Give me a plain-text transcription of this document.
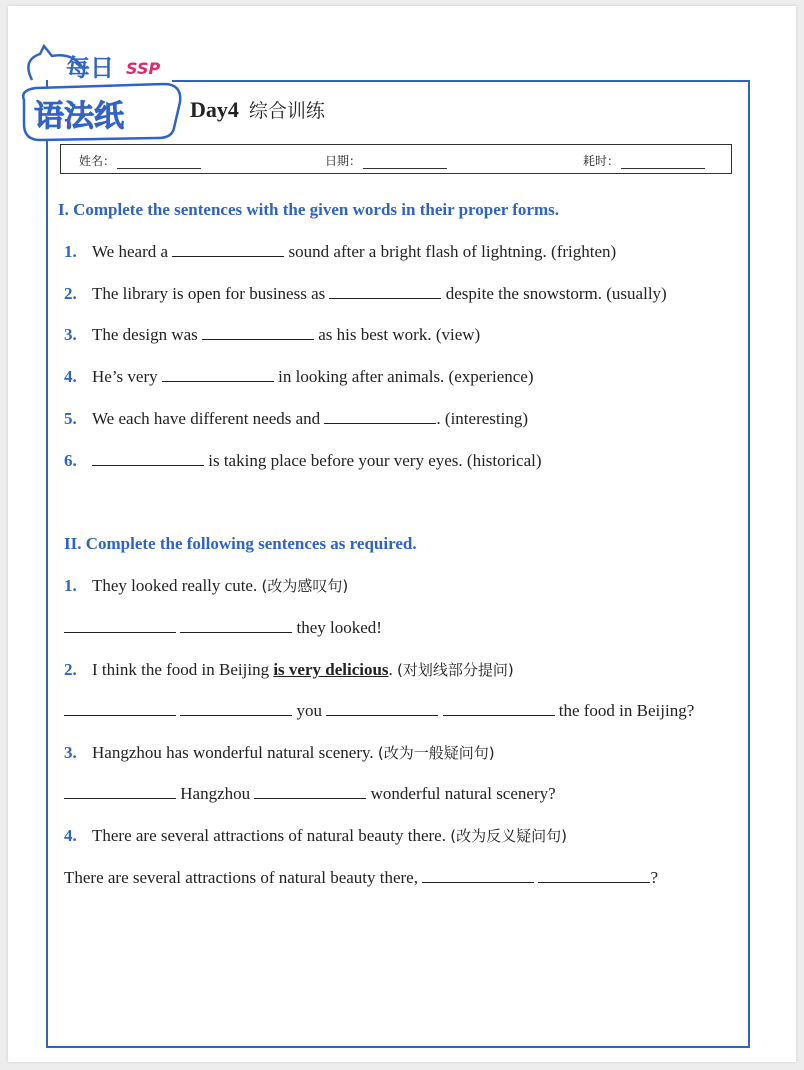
每日 SSP
语法纸	Day4 综合训练
姓名：	日期：	耗时：
I. Complete the sentences with the given words in their proper forms.
1. We heard a	sound after a bright flash of lightning. (frighten)
2. The library is open for business as	despite the snowstorm. (usually)
3. The design was	as his best work. (view)
4. He’s very	in looking after animals. (experience)
5. We each have different needs and	. (interesting)
6.	is taking place before your very eyes. (historical)
II. Complete the following sentences as required.
1. They looked really cute. (改为感叹句)
they looked!
2. I think the food in Beijing is very delicious. (对划线部分提问)
you	the food in Beijing?
3. Hangzhou has wonderful natural scenery. (改为一般疑问句)
Hangzhou	wonderful natural scenery?
4. There are several attractions of natural beauty there. (改为反义疑问句)
There are several attractions of natural beauty there,	?
